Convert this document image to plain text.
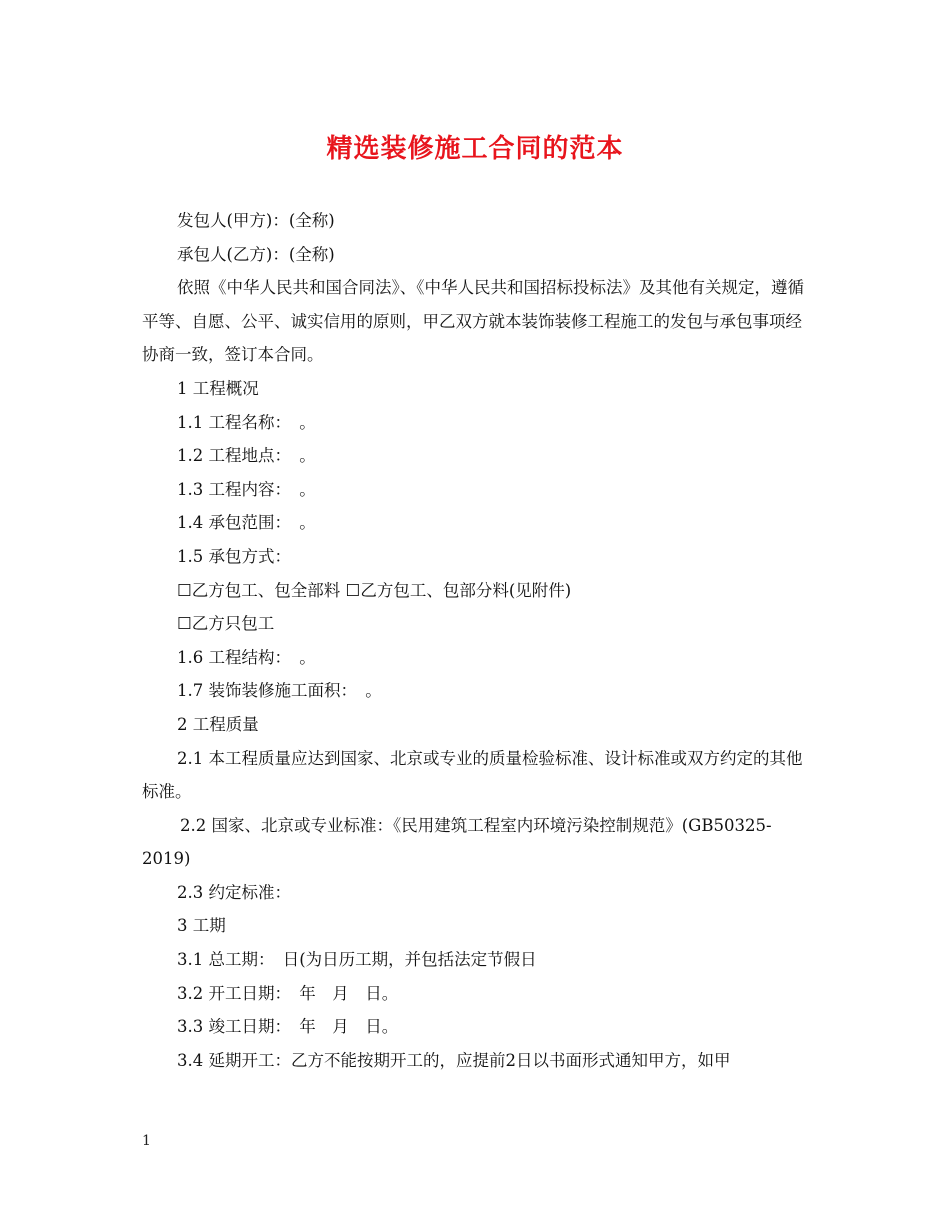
精选装修施工合同的范本

发包人(甲方)：(全称)

承包人(乙方)：(全称)

依照《中华人民共和国合同法》、《中华人民共和国招标投标法》及其他有关规定，遵循平等、自愿、公平、诚实信用的原则，甲乙双方就本装饰装修工程施工的发包与承包事项经协商一致，签订本合同。

1 工程概况

1.1 工程名称：　。

1.2 工程地点：　。

1.3 工程内容：　。

1.4 承包范围：　。

1.5 承包方式：

☐乙方包工、包全部料 ☐乙方包工、包部分料(见附件)

☐乙方只包工

1.6 工程结构：　。

1.7 装饰装修施工面积：　。

2 工程质量

2.1 本工程质量应达到国家、北京或专业的质量检验标准、设计标准或双方约定的其他标准。

2.2 国家、北京或专业标准：《民用建筑工程室内环境污染控制规范》(GB50325-2019)

2.3 约定标准：

3 工期

3.1 总工期：　日(为日历工期，并包括法定节假日

3.2 开工日期：　年　月　日。

3.3 竣工日期：　年　月　日。

3.4 延期开工：乙方不能按期开工的，应提前2日以书面形式通知甲方，如甲

1
